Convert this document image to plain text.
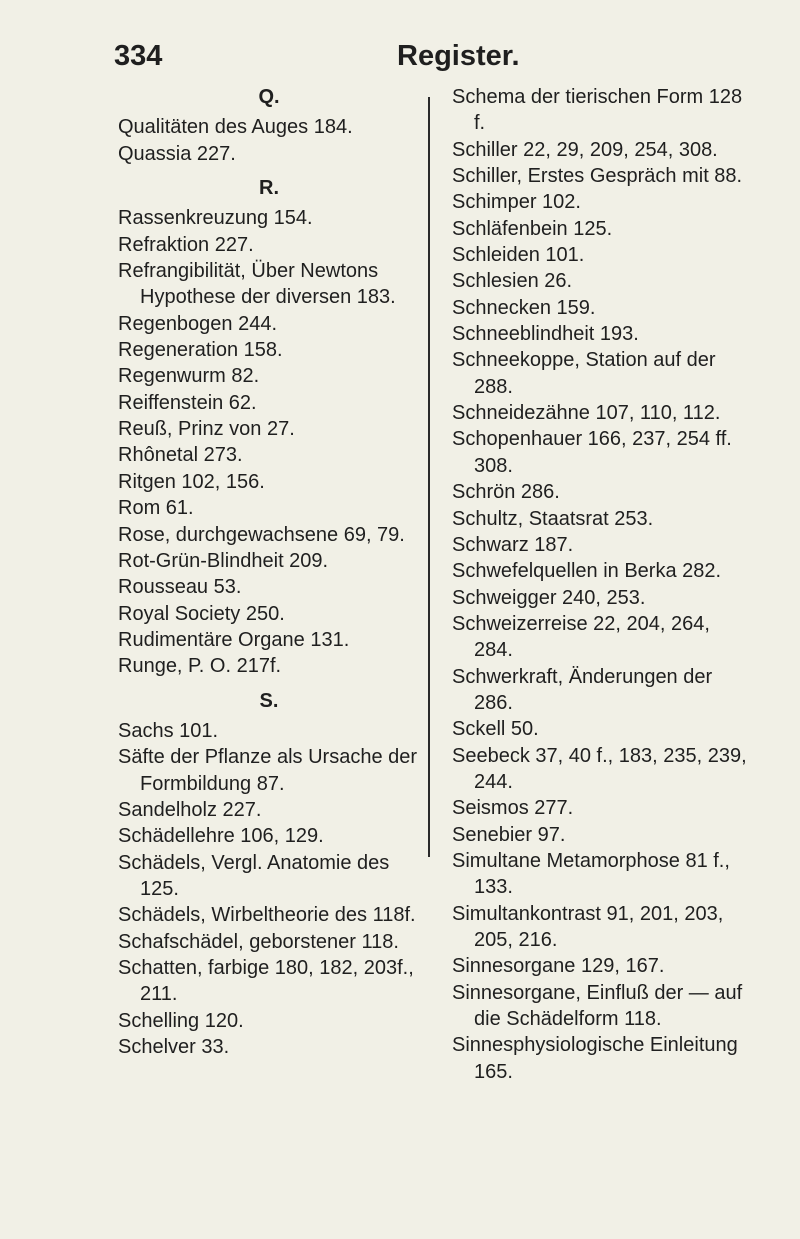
334	Register.
Q.
Qualitäten des Auges 184.
Quassia 227.
R.
Rassenkreuzung 154.
Refraktion 227.
Refrangibilität, Über Newtons Hypothese der diversen 183.
Regenbogen 244.
Regeneration 158.
Regenwurm 82.
Reiffenstein 62.
Reuß, Prinz von 27.
Rhônetal 273.
Ritgen 102, 156.
Rom 61.
Rose, durchgewachsene 69, 79.
Rot-Grün-Blindheit 209.
Rousseau 53.
Royal Society 250.
Rudimentäre Organe 131.
Runge, P. O. 217f.
S.
Sachs 101.
Säfte der Pflanze als Ursache der Formbildung 87.
Sandelholz 227.
Schädellehre 106, 129.
Schädels, Vergl. Anatomie des 125.
Schädels, Wirbeltheorie des 118f.
Schafschädel, geborstener 118.
Schatten, farbige 180, 182, 203f., 211.
Schelling 120.
Schelver 33.
Schema der tierischen Form 128 f.
Schiller 22, 29, 209, 254, 308.
Schiller, Erstes Gespräch mit 88.
Schimper 102.
Schläfenbein 125.
Schleiden 101.
Schlesien 26.
Schnecken 159.
Schneeblindheit 193.
Schneekoppe, Station auf der 288.
Schneidezähne 107, 110, 112.
Schopenhauer 166, 237, 254 ff. 308.
Schrön 286.
Schultz, Staatsrat 253.
Schwarz 187.
Schwefelquellen in Berka 282.
Schweigger 240, 253.
Schweizerreise 22, 204, 264, 284.
Schwerkraft, Änderungen der 286.
Sckell 50.
Seebeck 37, 40 f., 183, 235, 239, 244.
Seismos 277.
Senebier 97.
Simultane Metamorphose 81 f., 133.
Simultankontrast 91, 201, 203, 205, 216.
Sinnesorgane 129, 167.
Sinnesorgane, Einfluß der — auf die Schädelform 118.
Sinnesphysiologische Einleitung 165.
